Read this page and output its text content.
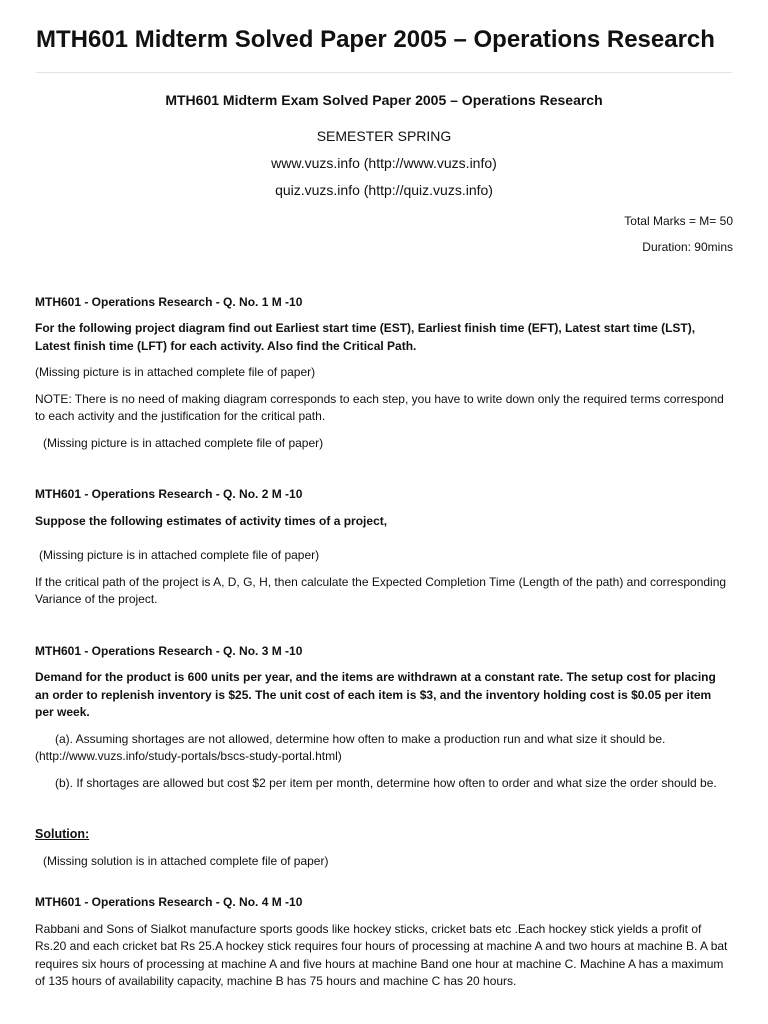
MTH601 Midterm Solved Paper 2005 – Operations Research

MTH601 Midterm Exam Solved Paper 2005 – Operations Research

SEMESTER SPRING

www.vuzs.info (http://www.vuzs.info)

quiz.vuzs.info (http://quiz.vuzs.info)

Total Marks = M= 50

Duration: 90mins

MTH601 - Operations Research - Q. No. 1 M -10

For the following project diagram find out Earliest start time (EST), Earliest finish time (EFT), Latest start time (LST), Latest finish time (LFT) for each activity. Also find the Critical Path.

(Missing picture is in attached complete file of paper)

NOTE: There is no need of making diagram corresponds to each step, you have to write down only the required terms correspond to each activity and the justification for the critical path.

(Missing picture is in attached complete file of paper)

MTH601 - Operations Research - Q. No. 2 M -10

Suppose the following estimates of activity times of a project,

(Missing picture is in attached complete file of paper)

If the critical path of the project is A, D, G, H, then calculate the Expected Completion Time (Length of the path) and corresponding Variance of the project.

MTH601 - Operations Research - Q. No. 3 M -10

Demand for the product is 600 units per year, and the items are withdrawn at a constant rate. The setup cost for placing an order to replenish inventory is $25. The unit cost of each item is $3, and the inventory holding cost is $0.05 per item per week.

(a). Assuming shortages are not allowed, determine how often to make a production run and what size it should be.

(http://www.vuzs.info/study-portals/bscs-study-portal.html)

(b). If shortages are allowed but cost $2 per item per month, determine how often to order and what size the order should be.

Solution:

(Missing solution is in attached complete file of paper)

MTH601 - Operations Research - Q. No. 4 M -10

Rabbani and Sons of Sialkot manufacture sports goods like hockey sticks, cricket bats etc .Each hockey stick yields a profit of Rs.20 and each cricket bat Rs 25.A hockey stick requires four hours of processing at machine A and two hours at machine B. A bat requires six hours of processing at machine A and five hours at machine Band one hour at machine C. Machine A has a maximum of 135 hours of availability capacity, machine B has 75 hours and machine C has 20 hours.
